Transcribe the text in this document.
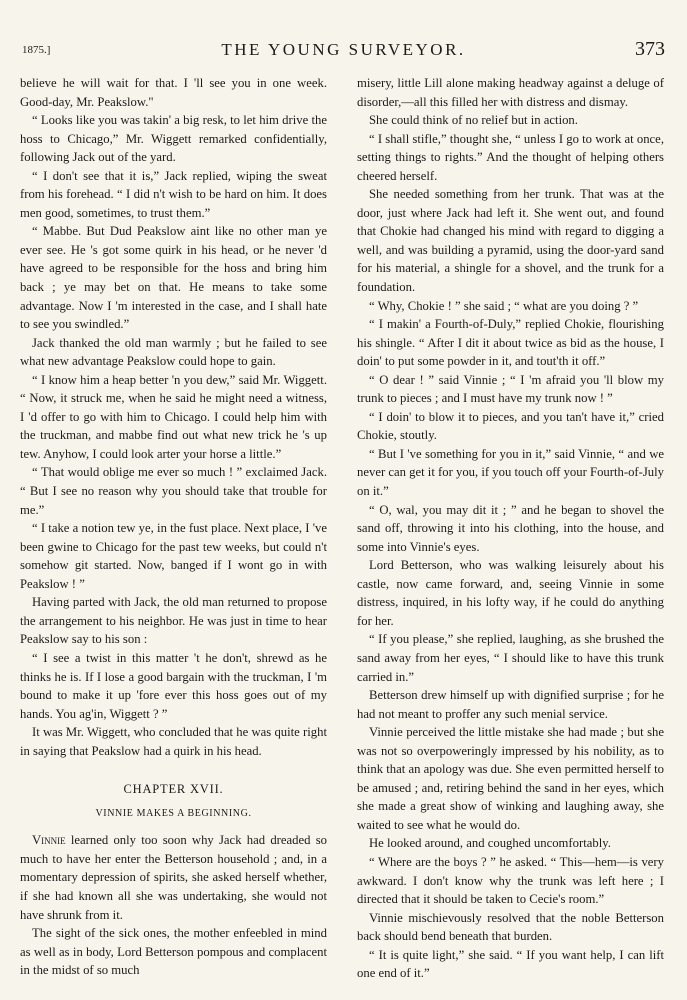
1875.]	THE YOUNG SURVEYOR.	373

believe he will wait for that. I 'll see you in one week. Good-day, Mr. Peakslow."

“ Looks like you was takin' a big resk, to let him drive the hoss to Chicago,” Mr. Wiggett remarked confidentially, following Jack out of the yard.

“ I don't see that it is,” Jack replied, wiping the sweat from his forehead. “ I did n't wish to be hard on him. It does men good, sometimes, to trust them.”

“ Mabbe. But Dud Peakslow aint like no other man ye ever see. He 's got some quirk in his head, or he never 'd have agreed to be responsible for the hoss and bring him back ; ye may bet on that. He means to take some advantage. Now I 'm interested in the case, and I shall hate to see you swindled.”

Jack thanked the old man warmly ; but he failed to see what new advantage Peakslow could hope to gain.

“ I know him a heap better 'n you dew,” said Mr. Wiggett. “ Now, it struck me, when he said he might need a witness, I 'd offer to go with him to Chicago. I could help him with the truckman, and mabbe find out what new trick he 's up tew. Anyhow, I could look arter your horse a little.”

“ That would oblige me ever so much ! ” exclaimed Jack. “ But I see no reason why you should take that trouble for me.”

“ I take a notion tew ye, in the fust place. Next place, I 've been gwine to Chicago for the past tew weeks, but could n't somehow git started. Now, banged if I wont go in with Peakslow ! ”

Having parted with Jack, the old man returned to propose the arrangement to his neighbor. He was just in time to hear Peakslow say to his son :

“ I see a twist in this matter 't he don't, shrewd as he thinks he is. If I lose a good bargain with the truckman, I 'm bound to make it up 'fore ever this hoss goes out of my hands. You ag'in, Wiggett ? ”

It was Mr. Wiggett, who concluded that he was quite right in saying that Peakslow had a quirk in his head.

CHAPTER XVII.
VINNIE MAKES A BEGINNING.

Vinnie learned only too soon why Jack had dreaded so much to have her enter the Betterson household ; and, in a momentary depression of spirits, she asked herself whether, if she had known all she was undertaking, she would not have shrunk from it.

The sight of the sick ones, the mother enfeebled in mind as well as in body, Lord Betterson pompous and complacent in the midst of so much

misery, little Lill alone making headway against a deluge of disorder,—all this filled her with distress and dismay.

She could think of no relief but in action.

“ I shall stifle,” thought she, “ unless I go to work at once, setting things to rights.” And the thought of helping others cheered herself.

She needed something from her trunk. That was at the door, just where Jack had left it. She went out, and found that Chokie had changed his mind with regard to digging a well, and was building a pyramid, using the door-yard sand for his material, a shingle for a shovel, and the trunk for a foundation.

“ Why, Chokie ! ” she said ; “ what are you doing ? ”

“ I makin' a Fourth-of-Duly,” replied Chokie, flourishing his shingle. “ After I dit it about twice as bid as the house, I doin' to put some powder in it, and tout'th it off.”

“ O dear ! ” said Vinnie ; “ I 'm afraid you 'll blow my trunk to pieces ; and I must have my trunk now ! ”

“ I doin' to blow it to pieces, and you tan't have it,” cried Chokie, stoutly.

“ But I 've something for you in it,” said Vinnie, “ and we never can get it for you, if you touch off your Fourth-of-July on it.”

“ O, wal, you may dit it ; ” and he began to shovel the sand off, throwing it into his clothing, into the house, and some into Vinnie's eyes.

Lord Betterson, who was walking leisurely about his castle, now came forward, and, seeing Vinnie in some distress, inquired, in his lofty way, if he could do anything for her.

“ If you please,” she replied, laughing, as she brushed the sand away from her eyes, “ I should like to have this trunk carried in.”

Betterson drew himself up with dignified surprise ; for he had not meant to proffer any such menial service.

Vinnie perceived the little mistake she had made ; but she was not so overpoweringly impressed by his nobility, as to think that an apology was due. She even permitted herself to be amused ; and, retiring behind the sand in her eyes, which she made a great show of winking and laughing away, she waited to see what he would do.

He looked around, and coughed uncomfortably.

“ Where are the boys ? ” he asked. “ This—hem—is very awkward. I don't know why the trunk was left here ; I directed that it should be taken to Cecie's room.”

Vinnie mischievously resolved that the noble Betterson back should bend beneath that burden.

“ It is quite light,” she said. “ If you want help, I can lift one end of it.”
